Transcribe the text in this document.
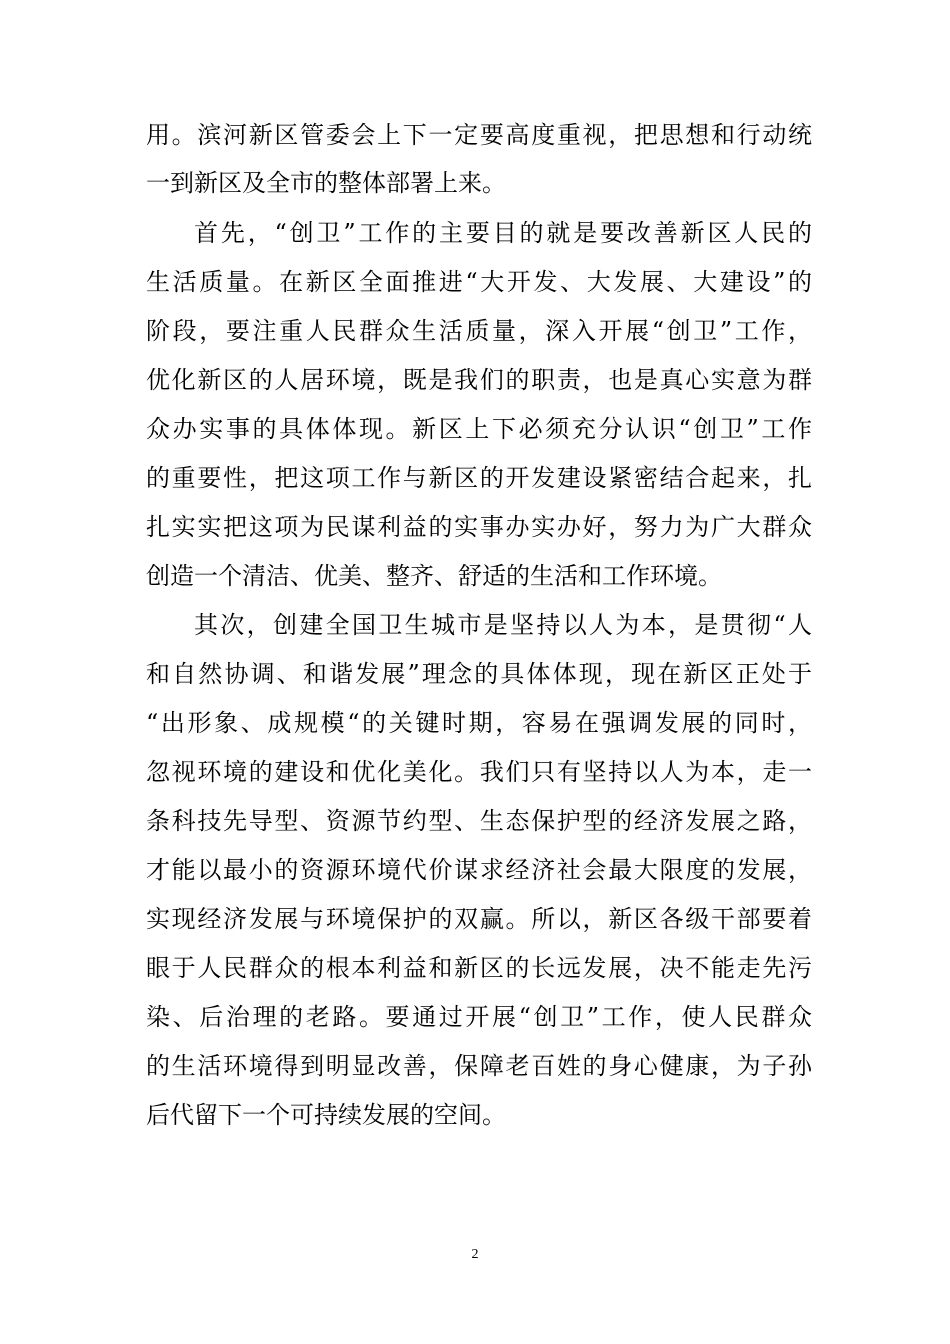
用。滨河新区管委会上下一定要高度重视，把思想和行动统
一到新区及全市的整体部署上来。
首先，“创卫”工作的主要目的就是要改善新区人民的
生活质量。在新区全面推进“大开发、大发展、大建设”的
阶段，要注重人民群众生活质量，深入开展“创卫”工作，
优化新区的人居环境，既是我们的职责，也是真心实意为群
众办实事的具体体现。新区上下必须充分认识“创卫”工作
的重要性，把这项工作与新区的开发建设紧密结合起来，扎
扎实实把这项为民谋利益的实事办实办好，努力为广大群众
创造一个清洁、优美、整齐、舒适的生活和工作环境。
其次，创建全国卫生城市是坚持以人为本，是贯彻“人
和自然协调、和谐发展”理念的具体体现，现在新区正处于
“出形象、成规模“的关键时期，容易在强调发展的同时，
忽视环境的建设和优化美化。我们只有坚持以人为本，走一
条科技先导型、资源节约型、生态保护型的经济发展之路，
才能以最小的资源环境代价谋求经济社会最大限度的发展，
实现经济发展与环境保护的双赢。所以，新区各级干部要着
眼于人民群众的根本利益和新区的长远发展，决不能走先污
染、后治理的老路。要通过开展“创卫”工作，使人民群众
的生活环境得到明显改善，保障老百姓的身心健康，为子孙
后代留下一个可持续发展的空间。
2
